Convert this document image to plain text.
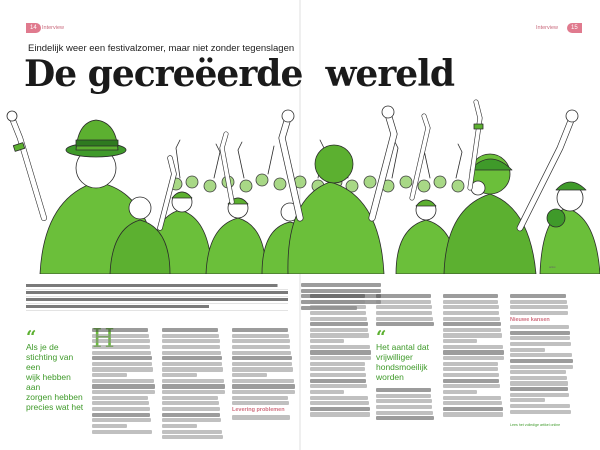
14 Interview	Interview	15
Eindelijk weer een festivalzomer, maar niet zonder tegenslagen
De gecreëerde  wereld
artist
“
Als je de
stichting van een
wijk hebben aan
zorgen hebben
precies wat het	Levering problemen
Nieuwe kansen
“
Het aantal dat
vrijwilliger
hondsmoeilijk
worden
Lees het volledige artikel online
